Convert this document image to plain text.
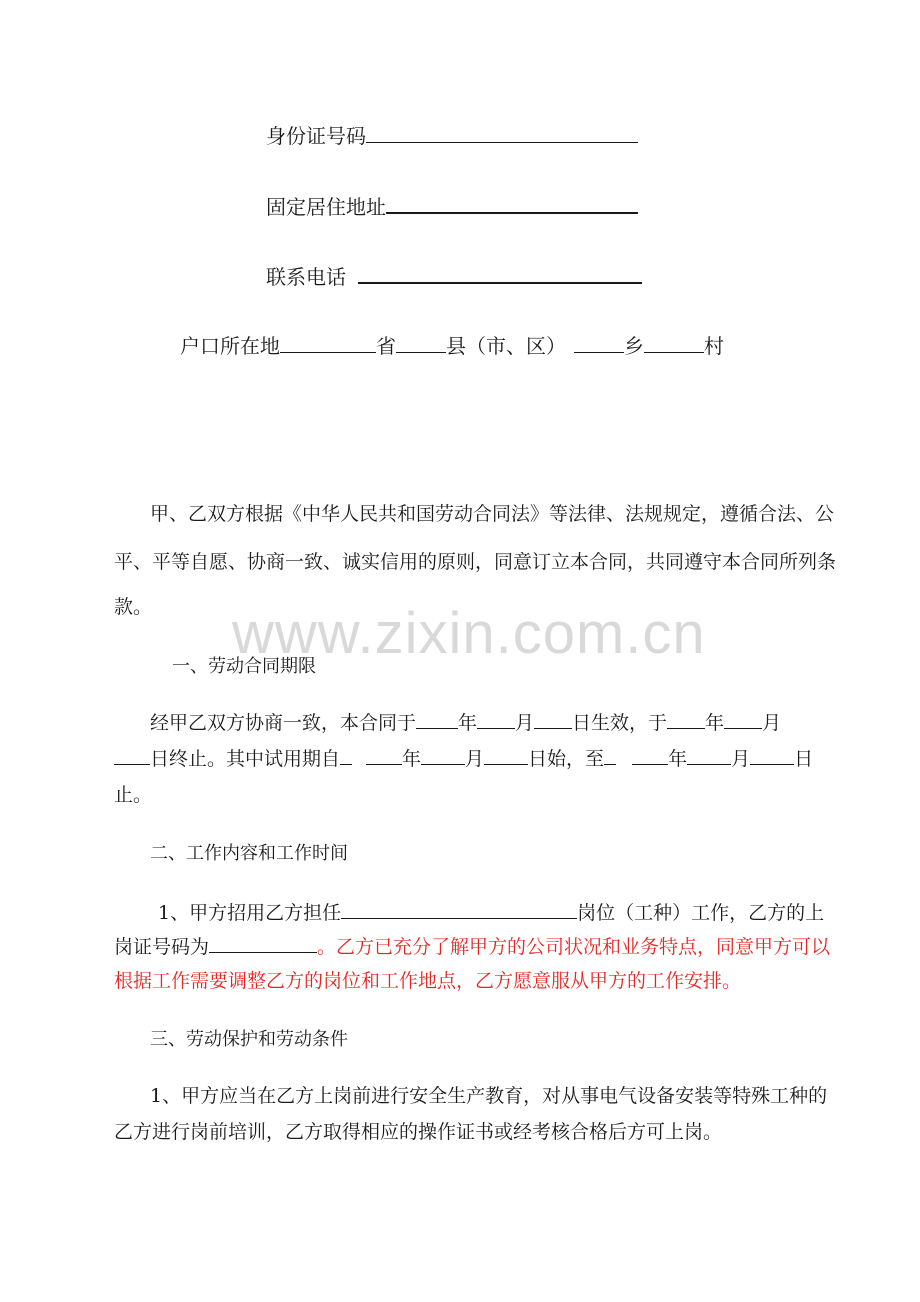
身份证号码
固定居住地址
联系电话
户口所在地	省	县（市、区）	乡	村
www.zixin.com.cn
甲、乙双方根据《中华人民共和国劳动合同法》等法律、法规规定，遵循合法、公
平、平等自愿、协商一致、诚实信用的原则，同意订立本合同，共同遵守本合同所列条
款。
一、劳动合同期限
经甲乙双方协商一致，本合同于 年 月 日生效，于 年 月
日终止。其中试用期自	年 月 日始，至	年 月 日
止。
二、工作内容和工作时间
1、甲方招用乙方担任	岗位（工种）工作，乙方的上
岗证号码为	。乙方已充分了解甲方的公司状况和业务特点，同意甲方可以
根据工作需要调整乙方的岗位和工作地点，乙方愿意服从甲方的工作安排。
三、劳动保护和劳动条件
1、甲方应当在乙方上岗前进行安全生产教育，对从事电气设备安装等特殊工种的
乙方进行岗前培训，乙方取得相应的操作证书或经考核合格后方可上岗。
